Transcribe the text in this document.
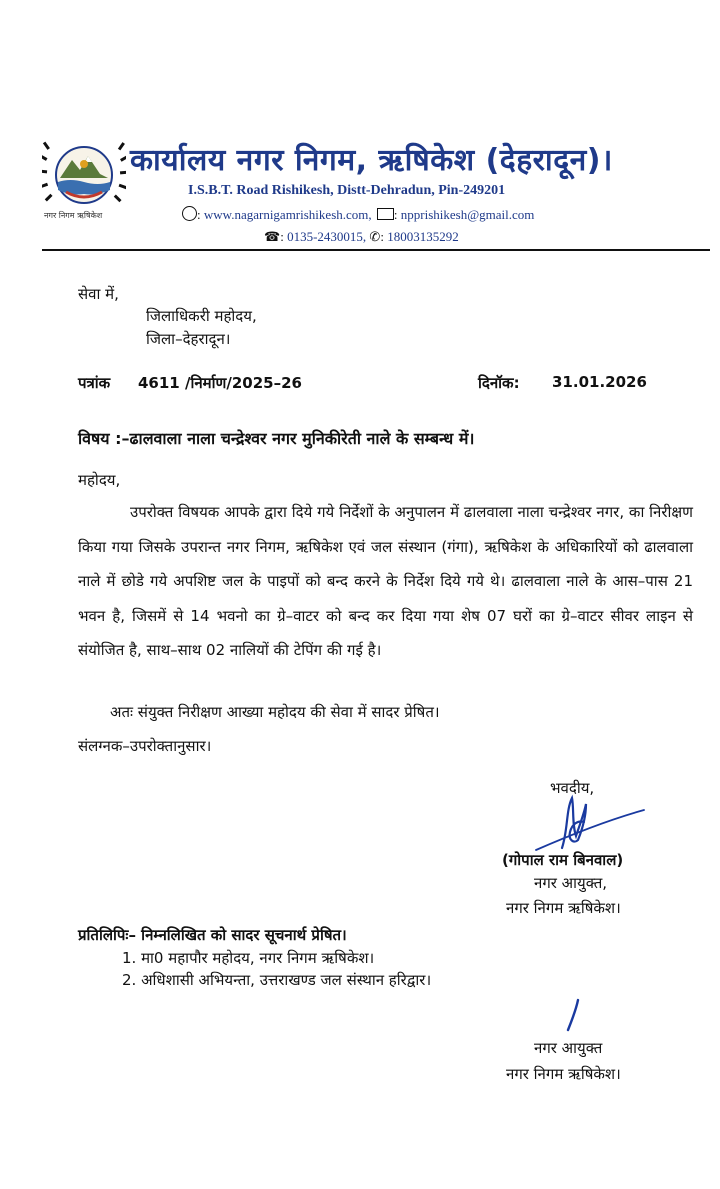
नगर निगम ऋषिकेश
कार्यालय नगर निगम, ऋषिकेश (देहरादून)।
I.S.B.T. Road Rishikesh, Distt-Dehradun, Pin-249201
: www.nagarnigamrishikesh.com, : npprishikesh@gmail.com
☎: 0135-2430015, ✆: 18003135292
सेवा में,
जिलाधिकरी महोदय,
जिला–देहरादून।
पत्रांक 4611 /निर्माण/2025–26	दिनॉक: 31.01.2026
विषय :–ढालवाला नाला चन्द्रेश्वर नगर मुनिकीरेती नाले के सम्बन्ध में।
महोदय,
उपरोक्त विषयक आपके द्वारा दिये गये निर्देशों के अनुपालन में ढालवाला नाला चन्द्रेश्वर नगर, का निरीक्षण किया गया जिसके उपरान्त नगर निगम, ऋषिकेश एवं जल संस्थान (गंगा), ऋषिकेश के अधिकारियों को ढालवाला नाले में छोडे गये अपशिष्ट जल के पाइपों को बन्द करने के निर्देश दिये गये थे। ढालवाला नाले के आस–पास 21 भवन है, जिसमें से 14 भवनो का ग्रे–वाटर को बन्द कर दिया गया शेष 07 घरों का ग्रे–वाटर सीवर लाइन से संयोजित है, साथ–साथ 02 नालियों की टेपिंग की गई है।
अतः संयुक्त निरीक्षण आख्या महोदय की सेवा में सादर प्रेषित।
संलग्नक–उपरोक्तानुसार।
भवदीय,
(गोपाल राम बिनवाल)
नगर आयुक्त,
नगर निगम ऋषिकेश।
प्रतिलिपिः– निम्नलिखित को सादर सूचनार्थ प्रेषित।
1. मा0 महापौर महोदय, नगर निगम ऋषिकेश।
2. अधिशासी अभियन्ता, उत्तराखण्ड जल संस्थान हरिद्वार।
नगर आयुक्त
नगर निगम ऋषिकेश।
